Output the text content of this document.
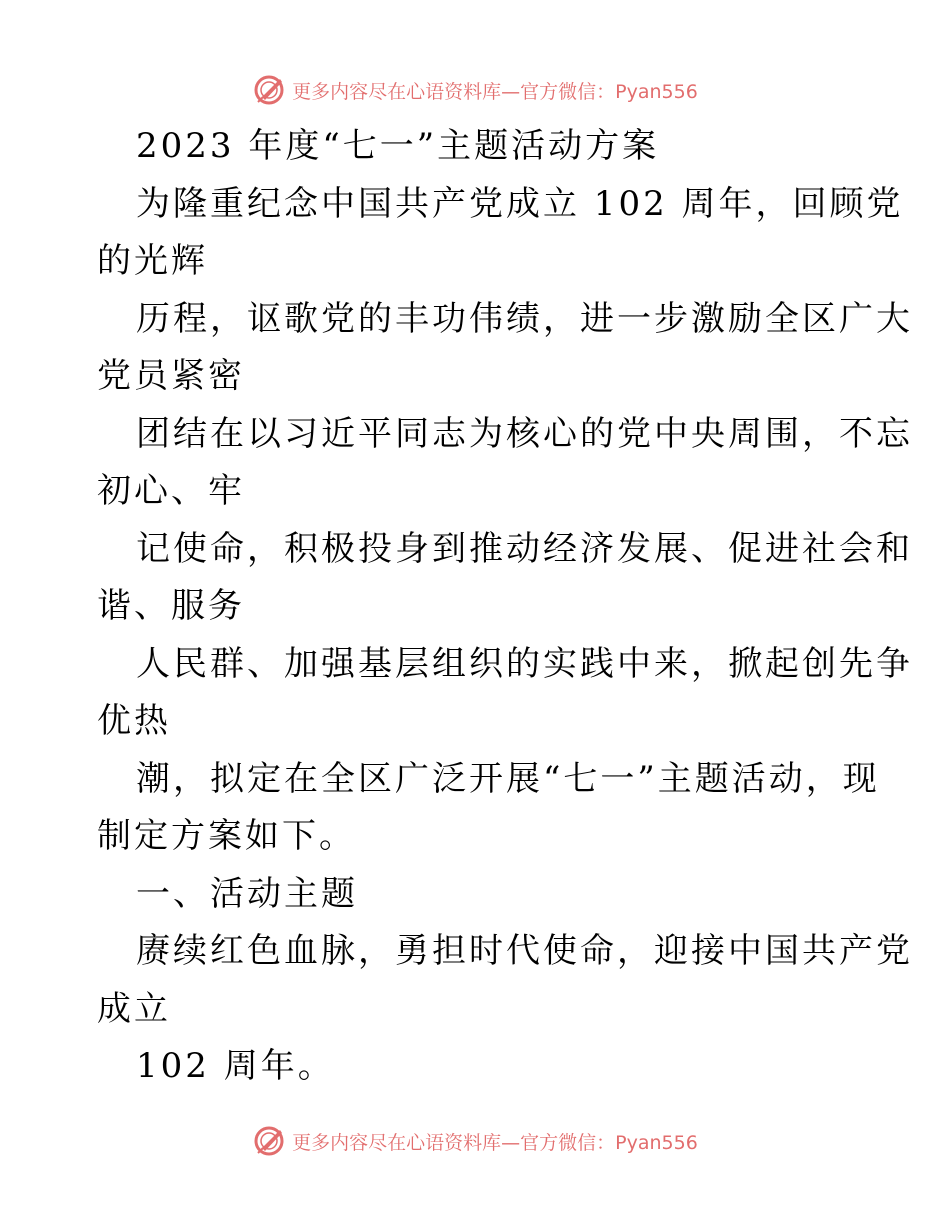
更多内容尽在心语资料库—官方微信：Pyan556
2023 年度“七一”主题活动方案
为隆重纪念中国共产党成立 102 周年，回顾党
的光辉
历程，讴歌党的丰功伟绩，进一步激励全区广大
党员紧密
团结在以习近平同志为核心的党中央周围，不忘
初心、牢
记使命，积极投身到推动经济发展、促进社会和
谐、服务
人民群、加强基层组织的实践中来，掀起创先争
优热
潮，拟定在全区广泛开展“七一”主题活动，现
制定方案如下。
一、活动主题
赓续红色血脉，勇担时代使命，迎接中国共产党
成立
102 周年。
更多内容尽在心语资料库—官方微信：Pyan556
